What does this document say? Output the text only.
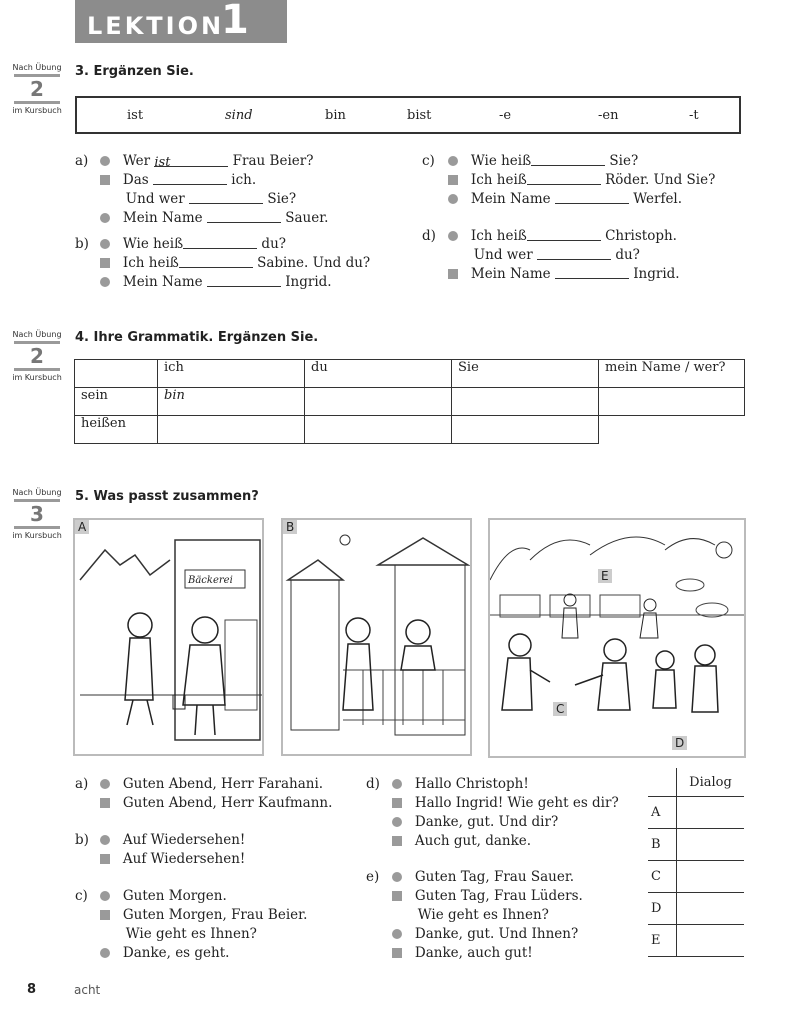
LEKTION
1
Nach Übung
2
im Kursbuch
3. Ergänzen Sie.
ist	sind	bin	bist	-e	-en	-t
a)	Wer ist	Frau Beier?
Das	ich.
Und wer	Sie?
Mein Name	Sauer.
b)	Wie heiß	du?
Ich heiß	Sabine. Und du?
Mein Name	Ingrid.
c)	Wie heiß	Sie?
Ich heiß	Röder. Und Sie?
Mein Name	Werfel.
d)	Ich heiß	Christoph.
Und wer	du?
Mein Name	Ingrid.
Nach Übung
2
im Kursbuch
4. Ihre Grammatik. Ergänzen Sie.
	ich	du	Sie	mein Name / wer?
sein	bin			
heißen				
Nach Übung
3
im Kursbuch
5. Was passt zusammen?
Bäckerei
A	B
E
C
D
a)	Guten Abend, Herr Farahani.
Guten Abend, Herr Kaufmann.
b)	Auf Wiedersehen!
Auf Wiedersehen!
c)	Guten Morgen.
Guten Morgen, Frau Beier.
Wie geht es Ihnen?
Danke, es geht.
d)	Hallo Christoph!
Hallo Ingrid! Wie geht es dir?
Danke, gut. Und dir?
Auch gut, danke.
e)	Guten Tag, Frau Sauer.
Guten Tag, Frau Lüders.
Wie geht es Ihnen?
Danke, gut. Und Ihnen?
Danke, auch gut!
	Dialog
A	
B	
C	
D	
E	
8	acht
